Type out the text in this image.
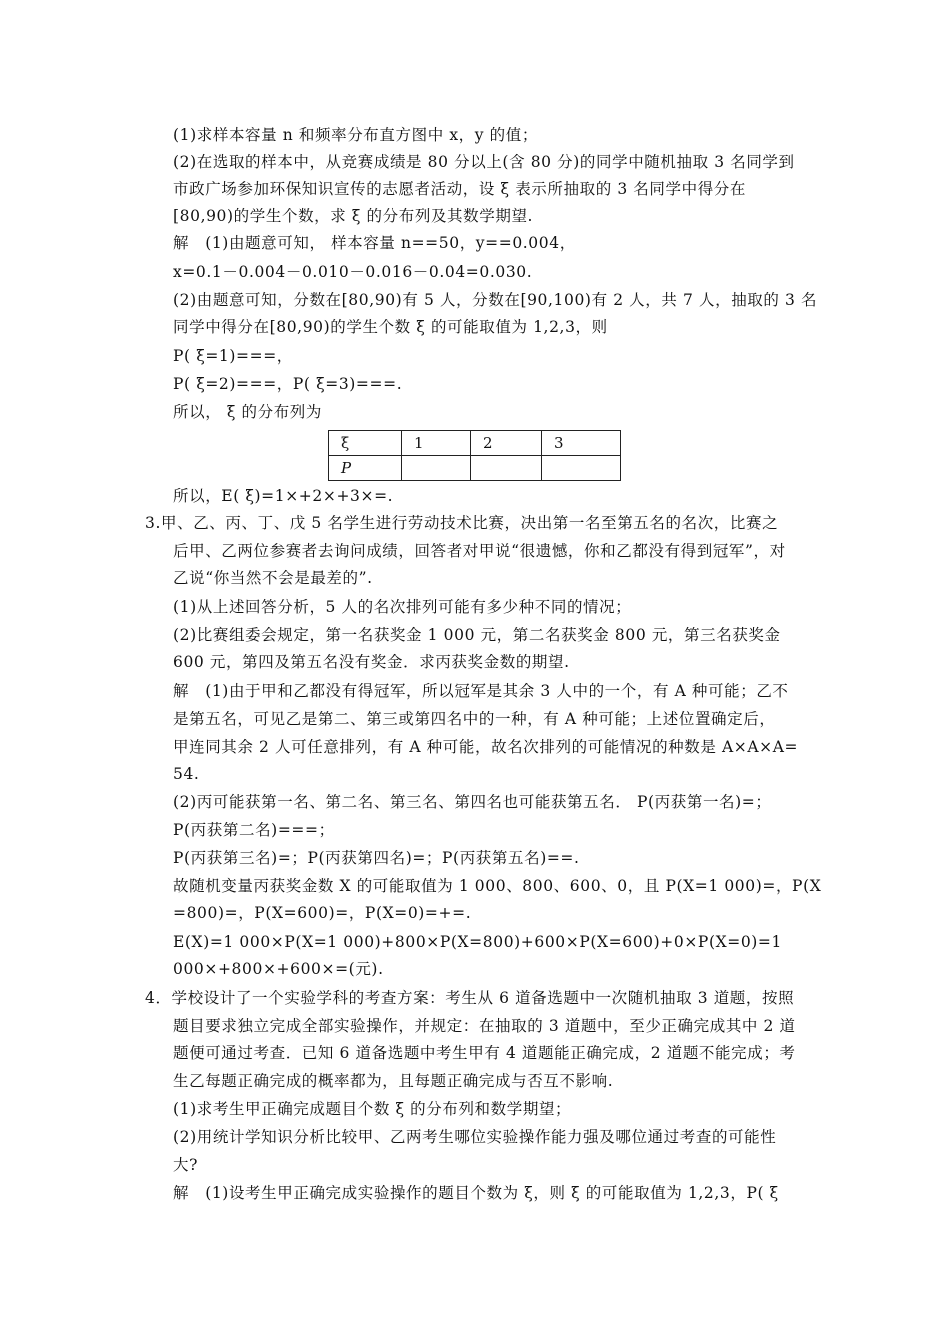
(1)求样本容量 n 和频率分布直方图中 x，y 的值；
(2)在选取的样本中，从竞赛成绩是 80 分以上(含 80 分)的同学中随机抽取 3 名同学到
市政广场参加环保知识宣传的志愿者活动，设 ξ 表示所抽取的 3 名同学中得分在
[80,90)的学生个数，求 ξ 的分布列及其数学期望.
解　(1)由题意可知， 样本容量 n==50，y==0.004，
x=0.1－0.004－0.010－0.016－0.04=0.030.
(2)由题意可知，分数在[80,90)有 5 人，分数在[90,100)有 2 人，共 7 人，抽取的 3 名
同学中得分在[80,90)的学生个数 ξ 的可能取值为 1,2,3，则
P( ξ=1)===，
P( ξ=2)===，P( ξ=3)===.
所以， ξ 的分布列为
ξ	1	2	3
P			
所以，E( ξ)=1×+2×+3×=.
3.甲、乙、丙、丁、戊 5 名学生进行劳动技术比赛，决出第一名至第五名的名次，比赛之
后甲、乙两位参赛者去询问成绩，回答者对甲说“很遗憾，你和乙都没有得到冠军”，对
乙说“你当然不会是最差的”.
(1)从上述回答分析，5 人的名次排列可能有多少种不同的情况；
(2)比赛组委会规定，第一名获奖金 1 000 元，第二名获奖金 800 元，第三名获奖金
600 元，第四及第五名没有奖金．求丙获奖金数的期望.
解　(1)由于甲和乙都没有得冠军，所以冠军是其余 3 人中的一个，有 A 种可能；乙不
是第五名，可见乙是第二、第三或第四名中的一种，有 A 种可能；上述位置确定后，
甲连同其余 2 人可任意排列，有 A 种可能，故名次排列的可能情况的种数是 A×A×A=
54.
(2)丙可能获第一名、第二名、第三名、第四名也可能获第五名． P(丙获第一名)=；
P(丙获第二名)===；
P(丙获第三名)=；P(丙获第四名)=；P(丙获第五名)==.
故随机变量丙获奖金数 X 的可能取值为 1 000、800、600、0，且 P(X=1 000)=，P(X
=800)=，P(X=600)=，P(X=0)=+=.
E(X)=1 000×P(X=1 000)+800×P(X=800)+600×P(X=600)+0×P(X=0)=1
000×+800×+600×=(元).
4．学校设计了一个实验学科的考查方案：考生从 6 道备选题中一次随机抽取 3 道题，按照
题目要求独立完成全部实验操作，并规定：在抽取的 3 道题中，至少正确完成其中 2 道
题便可通过考查．已知 6 道备选题中考生甲有 4 道题能正确完成，2 道题不能完成；考
生乙每题正确完成的概率都为，且每题正确完成与否互不影响.
(1)求考生甲正确完成题目个数 ξ 的分布列和数学期望；
(2)用统计学知识分析比较甲、乙两考生哪位实验操作能力强及哪位通过考查的可能性
大?
解　(1)设考生甲正确完成实验操作的题目个数为 ξ，则 ξ 的可能取值为 1,2,3，P( ξ
